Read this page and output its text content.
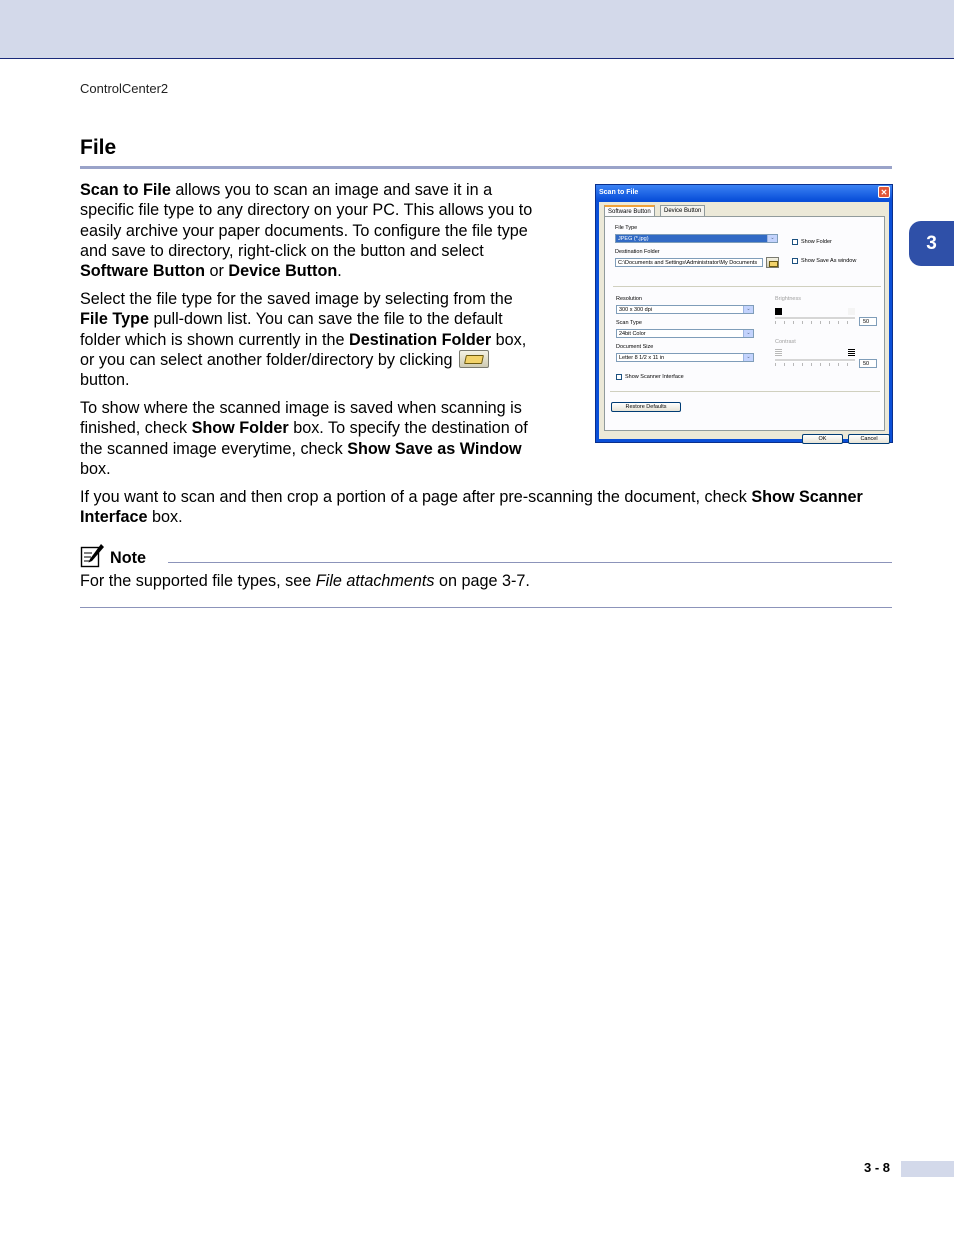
ControlCenter2
File
3

Scan to File allows you to scan an image and save it in a specific file type to any directory on your PC. This allows you to easily archive your paper documents. To configure the file type and save to directory, right-click on the button and select Software Button or Device Button.

Select the file type for the saved image by selecting from the File Type pull-down list. You can save the file to the default folder which is shown currently in the Destination Folder box, or you can select another folder/directory by clicking  button.

To show where the scanned image is saved when scanning is finished, check Show Folder box. To specify the destination of the scanned image everytime, check Show Save as Window box.

If you want to scan and then crop a portion of a page after pre-scanning the document, check Show Scanner Interface box.

Note
For the supported file types, see File attachments on page 3-7.
3 - 8
Scan to File	✕
Software Button	Device Button
File Type
JPEG (*.jpg)	⌄
Destination Folder
C:\Documents and Settings\Administrator\My Documents
Show Folder
Show Save As window
Resolution
300 x 300 dpi	⌄
Scan Type
24bit Color	⌄
Document Size
Letter 8 1/2 x 11 in	⌄
Brightness
50
Contrast
50
Show Scanner Interface
Restore Defaults
OK	Cancel
